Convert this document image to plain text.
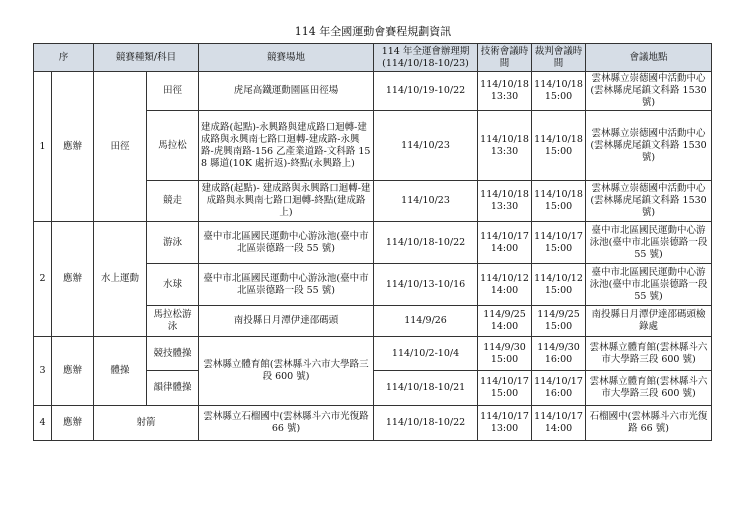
114 年全國運動會賽程規劃資訊
序		競賽種類/科目		競賽場地	114 年全運會辦理期 (114/10/18-10/23)	技術會議時間	裁判會議時間	會議地點
1	應辦	田徑	田徑	虎尾高鐵運動園區田徑場	114/10/19-10/22	114/10/18 13:30	114/10/18 15:00	雲林縣立崇德國中活動中心(雲林縣虎尾鎮文科路 1530 號)
			馬拉松	建成路(起點)-永興路與建成路口迴轉-建成路與永興南七路口迴轉-建成路-永興路-虎興南路-156 乙產業道路-文科路 158 縣道(10K 處折返)-終點(永興路上)	114/10/23	114/10/18 13:30	114/10/18 15:00	雲林縣立崇德國中活動中心(雲林縣虎尾鎮文科路 1530 號)
			競走	建成路(起點)- 建成路與永興路口迴轉-建成路與永興南七路口迴轉-終點(建成路上)	114/10/23	114/10/18 13:30	114/10/18 15:00	雲林縣立崇德國中活動中心(雲林縣虎尾鎮文科路 1530 號)
2	應辦	水上運動	游泳	臺中市北區國民運動中心游泳池(臺中市北區崇德路一段 55 號)	114/10/18-10/22	114/10/17 14:00	114/10/17 15:00	臺中市北區國民運動中心游泳池(臺中市北區崇德路一段 55 號)
			水球	臺中市北區國民運動中心游泳池(臺中市北區崇德路一段 55 號)	114/10/13-10/16	114/10/12 14:00	114/10/12 15:00	臺中市北區國民運動中心游泳池(臺中市北區崇德路一段 55 號)
			馬拉松游泳	南投縣日月潭伊達邵碼頭	114/9/26	114/9/25 14:00	114/9/25 15:00	南投縣日月潭伊達邵碼頭檢錄處
3	應辦	體操	競技體操	雲林縣立體育館(雲林縣斗六市大學路三段 600 號)	114/10/2-10/4	114/9/30 15:00	114/9/30 16:00	雲林縣立體育館(雲林縣斗六市大學路三段 600 號)
			韻律體操		114/10/18-10/21	114/10/17 15:00	114/10/17 16:00	雲林縣立體育館(雲林縣斗六市大學路三段 600 號)
4	應辦	射箭		雲林縣立石榴國中(雲林縣斗六市光復路 66 號)	114/10/18-10/22	114/10/17 13:00	114/10/17 14:00	石榴國中(雲林縣斗六市光復路 66 號)
